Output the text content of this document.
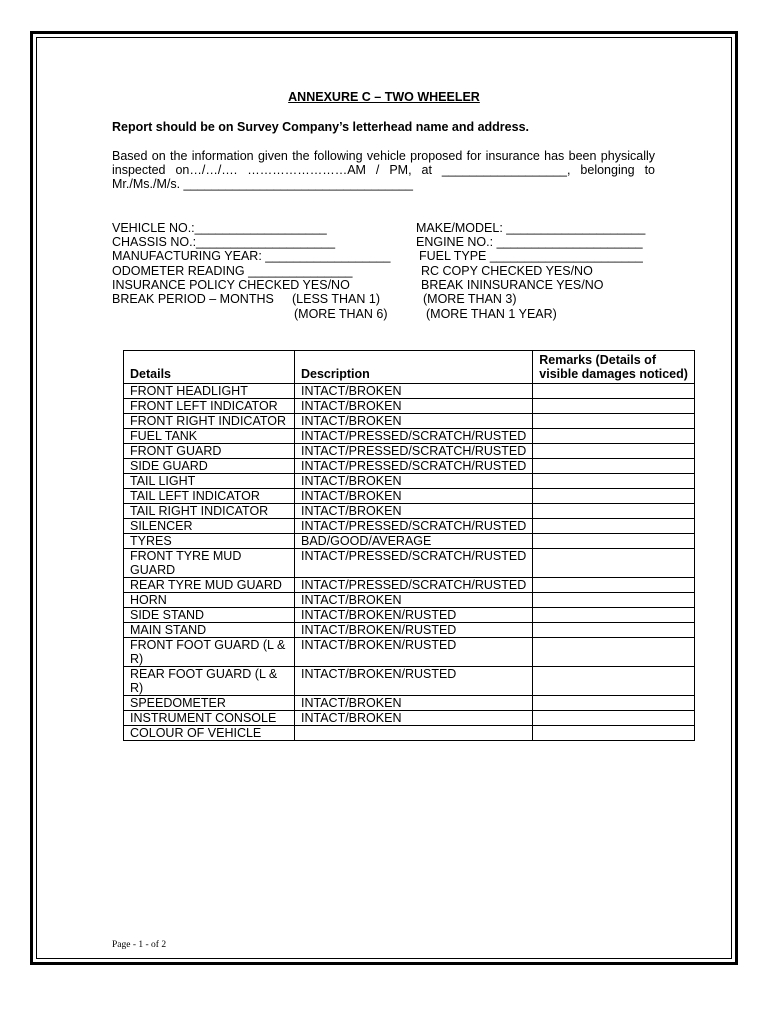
ANNEXURE C – TWO WHEELER
Report should be on Survey Company’s letterhead name and address.
Based on the information given the following vehicle proposed for insurance has been physically
inspected on…/…/…. ……………………AM / PM, at __________________, belonging to
Mr./Ms./M/s. _________________________________
VEHICLE NO.:___________________	MAKE/MODEL: ____________________
CHASSIS NO.:____________________	ENGINE NO.: _____________________
MANUFACTURING YEAR: __________________ FUEL TYPE ______________________
ODOMETER READING _______________	RC COPY CHECKED YES/NO
INSURANCE POLICY CHECKED YES/NO	BREAK ININSURANCE YES/NO
BREAK PERIOD – MONTHS (LESS THAN 1)	(MORE THAN 3)
(MORE THAN 6)	(MORE THAN 1 YEAR)
Details	Description	Remarks (Details of visible damages noticed)
FRONT HEADLIGHT	INTACT/BROKEN	
FRONT LEFT INDICATOR	INTACT/BROKEN	
FRONT RIGHT INDICATOR	INTACT/BROKEN	
FUEL TANK	INTACT/PRESSED/SCRATCH/RUSTED	
FRONT GUARD	INTACT/PRESSED/SCRATCH/RUSTED	
SIDE GUARD	INTACT/PRESSED/SCRATCH/RUSTED	
TAIL LIGHT	INTACT/BROKEN	
TAIL LEFT INDICATOR	INTACT/BROKEN	
TAIL RIGHT INDICATOR	INTACT/BROKEN	
SILENCER	INTACT/PRESSED/SCRATCH/RUSTED	
TYRES	BAD/GOOD/AVERAGE	
FRONT TYRE MUD GUARD	INTACT/PRESSED/SCRATCH/RUSTED	
REAR TYRE MUD GUARD	INTACT/PRESSED/SCRATCH/RUSTED	
HORN	INTACT/BROKEN	
SIDE STAND	INTACT/BROKEN/RUSTED	
MAIN STAND	INTACT/BROKEN/RUSTED	
FRONT FOOT GUARD (L & R)	INTACT/BROKEN/RUSTED	
REAR FOOT GUARD (L & R)	INTACT/BROKEN/RUSTED	
SPEEDOMETER	INTACT/BROKEN	
INSTRUMENT CONSOLE	INTACT/BROKEN	
COLOUR OF VEHICLE		
Page - 1 - of 2
